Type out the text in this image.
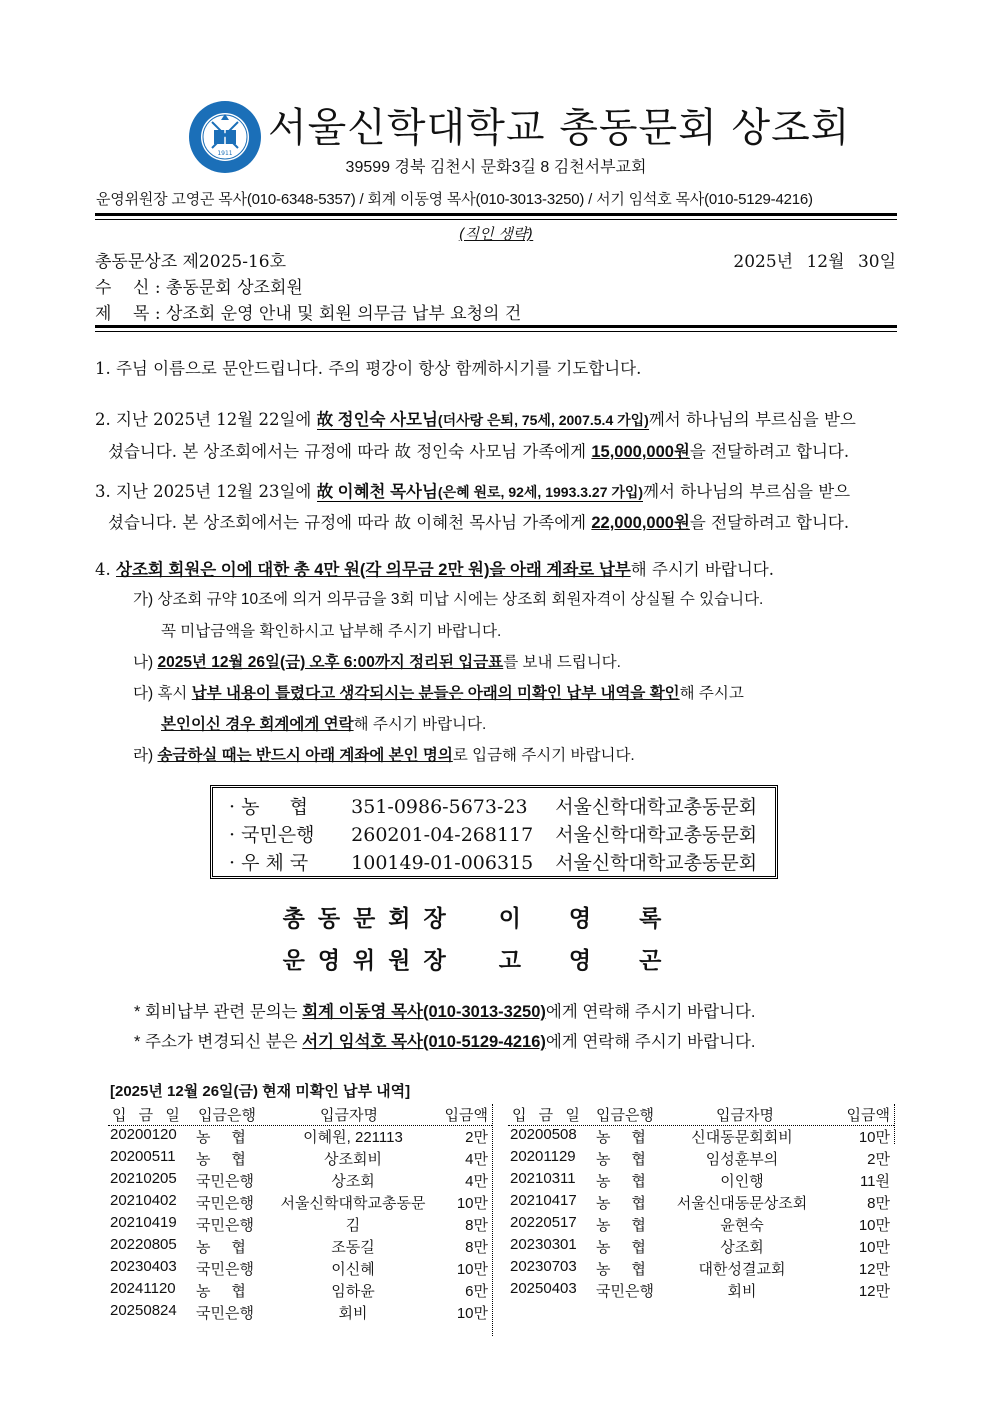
1911
서울신학대학교 총동문회 상조회
39599 경북 김천시 문화3길 8 김천서부교회
운영위원장 고영곤 목사(010-6348-5357) / 회계 이동영 목사(010-3013-3250) / 서기 임석호 목사(010-5129-4216)
(직인 생략)
총동문상조 제2025-16호	2025년 12월 30일
수    신 : 총동문회 상조회원
제    목 : 상조회 운영 안내 및 회원 의무금 납부 요청의 건
1. 주님 이름으로 문안드립니다. 주의 평강이 항상 함께하시기를 기도합니다.
2. 지난 2025년 12월 22일에 故 정인숙 사모님(더사랑 은퇴, 75세, 2007.5.4 가입)께서 하나님의 부르심을 받으
셨습니다. 본 상조회에서는 규정에 따라 故 정인숙 사모님 가족에게 15,000,000원을 전달하려고 합니다.
3. 지난 2025년 12월 23일에 故 이혜천 목사님(은혜 원로, 92세, 1993.3.27 가입)께서 하나님의 부르심을 받으
셨습니다. 본 상조회에서는 규정에 따라 故 이혜천 목사님 가족에게 22,000,000원을 전달하려고 합니다.
4. 상조회 회원은 이에 대한 총 4만 원(각 의무금 2만 원)을 아래 계좌로 납부해 주시기 바랍니다.
가) 상조회 규약 10조에 의거 의무금을 3회 미납 시에는 상조회 회원자격이 상실될 수 있습니다.
꼭 미납금액을 확인하시고 납부해 주시기 바랍니다.
나) 2025년 12월 26일(금) 오후 6:00까지 정리된 입금표를 보내 드립니다.
다) 혹시 납부 내용이 틀렸다고 생각되시는 분들은 아래의 미확인 납부 내역을 확인해 주시고
본인이신 경우 회계에게 연락해 주시기 바랍니다.
라) 송금하실 때는 반드시 아래 계좌에 본인 명의로 입금해 주시기 바랍니다.
· 농     협 351-0986-5673-23 서울신학대학교총동문회
· 국민은행 260201-04-268117 서울신학대학교총동문회
· 우 체 국 100149-01-006315 서울신학대학교총동문회
총동문회장 이영록
운영위원장 고영곤
* 회비납부 관련 문의는 회계 이동영 목사(010-3013-3250)에게 연락해 주시기 바랍니다.
* 주소가 변경되신 분은 서기 임석호 목사(010-5129-4216)에게 연락해 주시기 바랍니다.
[2025년 12월 26일(금) 현재 미확인 납부 내역]
입 금 일 입금은행	입금자명	입금액
20200120 농     협	이혜원, 221113	2만
20200511 농     협	상조회비	4만
20210205 국민은행	상조회	4만
20210402 국민은행	서울신학대학교총동문	10만
20210419 국민은행	김	8만
20220805 농     협	조동길	8만
20230403 국민은행	이신혜	10만
20241120 농     협	임하윤	6만
20250824 국민은행	회비	10만
입 금 일 입금은행	입금자명	입금액
20200508 농     협	신대동문회회비	10만
20201129 농     협	임성훈부의	2만
20210311 농     협	이인행	11원
20210417 농     협	서울신대동문상조회	8만
20220517 농     협	윤현숙	10만
20230301 농     협	상조회	10만
20230703 농     협	대한성결교회	12만
20250403 국민은행	회비	12만
